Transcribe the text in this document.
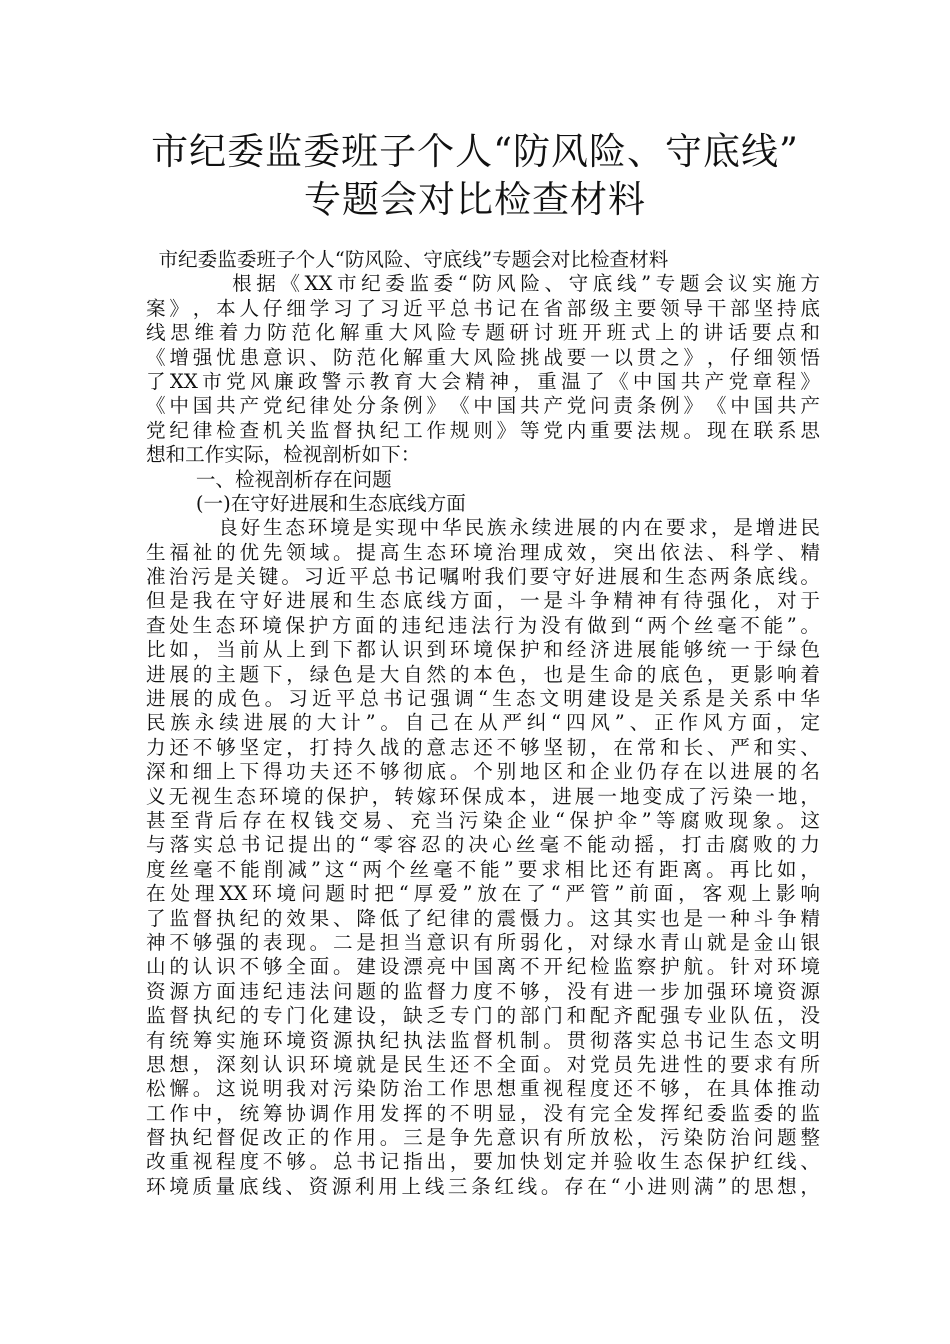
市纪委监委班子个人“防风险、守底线”
专题会对比检查材料
市纪委监委班子个人“防风险、守底线”专题会对比检查材料
根​据​《​X​X​市​纪​委​监​委​“​防​风​险​、​守​底​线​”​专​题​会​议​实​施​方
案​》​，​本​人​仔​细​学​习​了​习​近​平​总​书​记​在​省​部​级​主​要​领​导​干​部​坚​持​底
线​思​维​着​力​防​范​化​解​重​大​风​险​专​题​研​讨​班​开​班​式​上​的​讲​话​要​点​和
《​增​强​忧​患​意​识​、​防​范​化​解​重​大​风​险​挑​战​要​一​以​贯​之​》​，​仔​细​领​悟
了​X​X​市​党​风​廉​政​警​示​教​育​大​会​精​神​，​重​温​了​《​中​国​共​产​党​章​程​》
《​中​国​共​产​党​纪​律​处​分​条​例​》​《​中​国​共​产​党​问​责​条​例​》​《​中​国​共​产
党​纪​律​检​查​机​关​监​督​执​纪​工​作​规​则​》​等​党​内​重​要​法​规​。​现​在​联​系​思
想和工作实际，检视剖析如下：
一、检视剖析存在问题
(一)在守好进展和生态底线方面
良​好​生​态​环​境​是​实​现​中​华​民​族​永​续​进​展​的​内​在​要​求​，​是​增​进​民
生​福​祉​的​优​先​领​域​。​提​高​生​态​环​境​治​理​成​效​，​突​出​依​法​、​科​学​、​精
准​治​污​是​关​键​。​习​近​平​总​书​记​嘱​咐​我​们​要​守​好​进​展​和​生​态​两​条​底​线​。
但​是​我​在​守​好​进​展​和​生​态​底​线​方​面​，​一​是​斗​争​精​神​有​待​强​化​，​对​于
查​处​生​态​环​境​保​护​方​面​的​违​纪​违​法​行​为​没​有​做​到​“​两​个​丝​毫​不​能​”​。
比​如​，​当​前​从​上​到​下​都​认​识​到​环​境​保​护​和​经​济​进​展​能​够​统​一​于​绿​色
进​展​的​主​题​下​，​绿​色​是​大​自​然​的​本​色​，​也​是​生​命​的​底​色​，​更​影​响​着
进​展​的​成​色​。​习​近​平​总​书​记​强​调​“​生​态​文​明​建​设​是​关​系​是​关​系​中​华
民​族​永​续​进​展​的​大​计​”​。​自​己​在​从​严​纠​“​四​风​”​、​正​作​风​方​面​，​定
力​还​不​够​坚​定​，​打​持​久​战​的​意​志​还​不​够​坚​韧​，​在​常​和​长​、​严​和​实​、
深​和​细​上​下​得​功​夫​还​不​够​彻​底​。​个​别​地​区​和​企​业​仍​存​在​以​进​展​的​名
义​无​视​生​态​环​境​的​保​护​，​转​嫁​环​保​成​本​，​进​展​一​地​变​成​了​污​染​一​地​，
甚​至​背​后​存​在​权​钱​交​易​、​充​当​污​染​企​业​“​保​护​伞​”​等​腐​败​现​象​。​这
与​落​实​总​书​记​提​出​的​“​零​容​忍​的​决​心​丝​毫​不​能​动​摇​，​打​击​腐​败​的​力
度​丝​毫​不​能​削​减​”​这​“​两​个​丝​毫​不​能​”​要​求​相​比​还​有​距​离​。​再​比​如​，
在​处​理​X​X​环​境​问​题​时​把​“​厚​爱​”​放​在​了​“​严​管​”​前​面​，​客​观​上​影​响
了​监​督​执​纪​的​效​果​、​降​低​了​纪​律​的​震​慑​力​。​这​其​实​也​是​一​种​斗​争​精
神​不​够​强​的​表​现​。​二​是​担​当​意​识​有​所​弱​化​，​对​绿​水​青​山​就​是​金​山​银
山​的​认​识​不​够​全​面​。​建​设​漂​亮​中​国​离​不​开​纪​检​监​察​护​航​。​针​对​环​境
资​源​方​面​违​纪​违​法​问​题​的​监​督​力​度​不​够​，​没​有​进​一​步​加​强​环​境​资​源
监​督​执​纪​的​专​门​化​建​设​，​缺​乏​专​门​的​部​门​和​配​齐​配​强​专​业​队​伍​，​没
有​统​筹​实​施​环​境​资​源​执​纪​执​法​监​督​机​制​。​贯​彻​落​实​总​书​记​生​态​文​明
思​想​，​深​刻​认​识​环​境​就​是​民​生​还​不​全​面​。​对​党​员​先​进​性​的​要​求​有​所
松​懈​。​这​说​明​我​对​污​染​防​治​工​作​思​想​重​视​程​度​还​不​够​，​在​具​体​推​动
工​作​中​，​统​筹​协​调​作​用​发​挥​的​不​明​显​，​没​有​完​全​发​挥​纪​委​监​委​的​监
督​执​纪​督​促​改​正​的​作​用​。​三​是​争​先​意​识​有​所​放​松​，​污​染​防​治​问​题​整
改​重​视​程​度​不​够​。​总​书​记​指​出​，​要​加​快​划​定​并​验​收​生​态​保​护​红​线​、
环​境​质​量​底​线​、​资​源​利​用​上​线​三​条​红​线​。​存​在​“​小​进​则​满​”​的​思​想​，
